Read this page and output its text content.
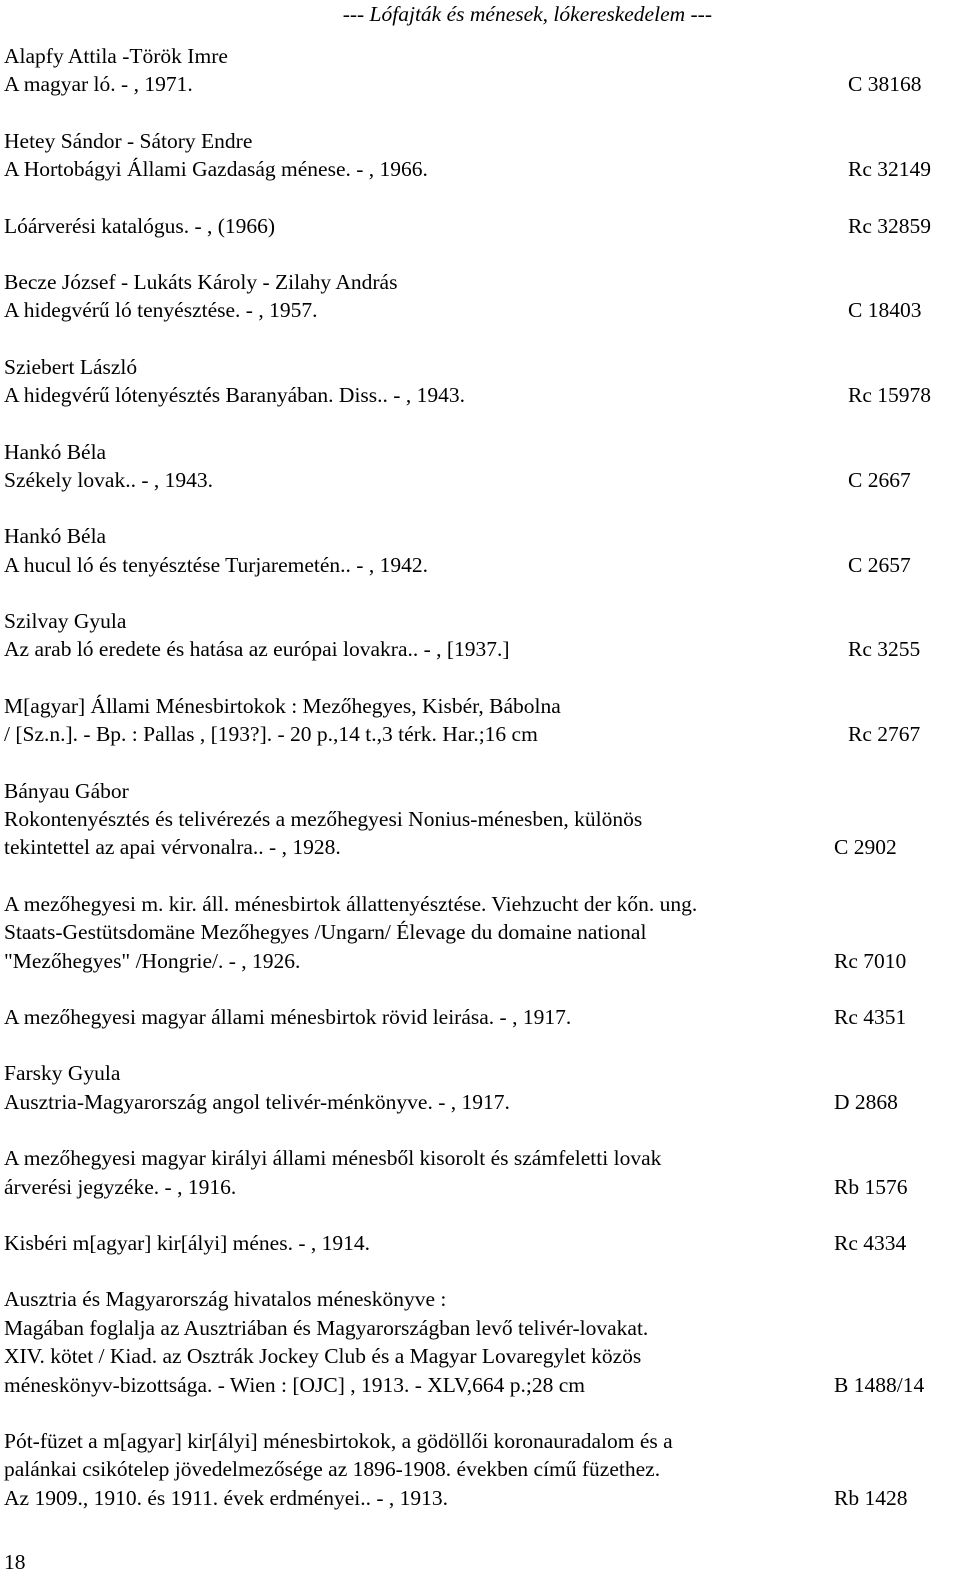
--- Lófajták és ménesek, lókereskedelem ---
Alapfy Attila -Török Imre
A magyar ló. - , 1971.	C 38168
Hetey Sándor - Sátory Endre
A Hortobágyi Állami Gazdaság ménese. - , 1966.	Rc 32149
Lóárverési katalógus. - , (1966)	Rc 32859
Becze József - Lukáts Károly - Zilahy András
A hidegvérű ló tenyésztése. - , 1957.	C 18403
Sziebert László
A hidegvérű lótenyésztés Baranyában. Diss.. - , 1943.	Rc 15978
Hankó Béla
Székely lovak.. - , 1943.	C 2667
Hankó Béla
A hucul ló és tenyésztése Turjaremetén.. - , 1942.	C 2657
Szilvay Gyula
Az arab ló eredete és hatása az európai lovakra.. - , [1937.]	Rc 3255
M[agyar] Állami Ménesbirtokok : Mezőhegyes, Kisbér, Bábolna
/ [Sz.n.]. - Bp. : Pallas , [193?]. - 20 p.,14 t.,3 térk. Har.;16 cm	Rc 2767
Bányau Gábor
Rokontenyésztés és telivérezés a mezőhegyesi Nonius-ménesben, különös
tekintettel az apai vérvonalra.. - , 1928.	C 2902
A mezőhegyesi m. kir. áll. ménesbirtok állattenyésztése. Viehzucht der kőn. ung.
Staats-Gestütsdomäne Mezőhegyes /Ungarn/ Élevage du domaine national
"Mezőhegyes" /Hongrie/. - , 1926.	Rc 7010
A mezőhegyesi magyar állami ménesbirtok rövid leirása. - , 1917.	Rc 4351
Farsky Gyula
Ausztria-Magyarország angol telivér-ménkönyve. - , 1917.	D 2868
A mezőhegyesi magyar királyi állami ménesből kisorolt és számfeletti lovak
árverési jegyzéke. - , 1916.	Rb 1576
Kisbéri m[agyar] kir[ályi] ménes. - , 1914.	Rc 4334
Ausztria és Magyarország hivatalos méneskönyve :
Magában foglalja az Ausztriában és Magyarországban levő telivér-lovakat.
XIV. kötet / Kiad. az Osztrák Jockey Club és a Magyar Lovaregylet közös
méneskönyv-bizottsága. - Wien : [OJC] , 1913. - XLV,664 p.;28 cm	B 1488/14
Pót-füzet a m[agyar] kir[ályi] ménesbirtokok, a gödöllői koronauradalom és a
palánkai csikótelep jövedelmezősége az 1896-1908. években című füzethez.
Az 1909., 1910. és 1911. évek erdményei.. - , 1913.	Rb 1428
18
